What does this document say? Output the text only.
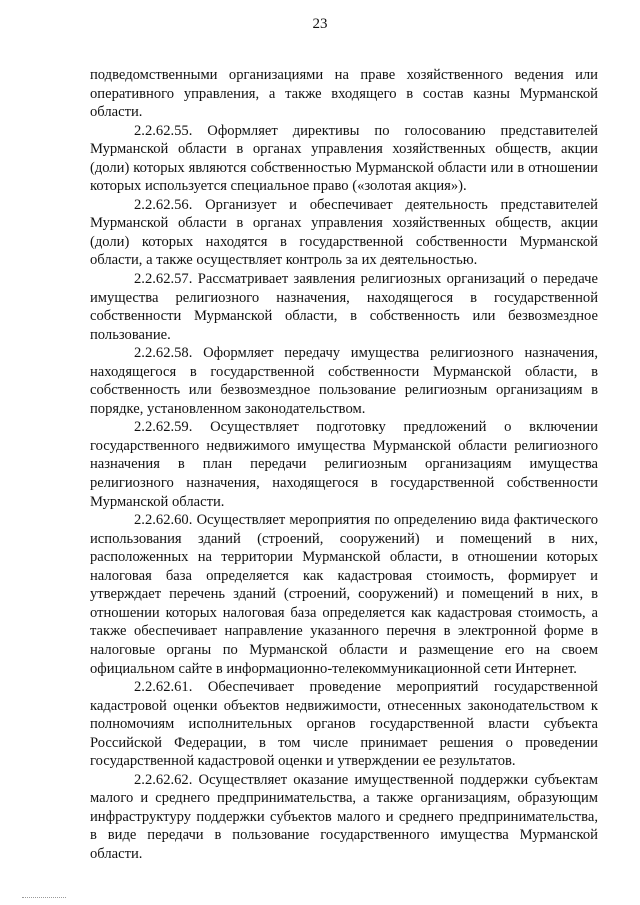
23

подведомственными организациями на праве хозяйственного ведения или оперативного управления, а также входящего в состав казны Мурманской области.

2.2.62.55. Оформляет директивы по голосованию представителей Мурманской области в органах управления хозяйственных обществ, акции (доли) которых являются собственностью Мурманской области или в отношении которых используется специальное право («золотая акция»).

2.2.62.56. Организует и обеспечивает деятельность представителей Мурманской области в органах управления хозяйственных обществ, акции (доли) которых находятся в государственной собственности Мурманской области, а также осуществляет контроль за их деятельностью.

2.2.62.57. Рассматривает заявления религиозных организаций о передаче имущества религиозного назначения, находящегося в государственной собственности Мурманской области, в собственность или безвозмездное пользование.

2.2.62.58. Оформляет передачу имущества религиозного назначения, находящегося в государственной собственности Мурманской области, в собственность или безвозмездное пользование религиозным организациям в порядке, установленном законодательством.

2.2.62.59. Осуществляет подготовку предложений о включении государственного недвижимого имущества Мурманской области религиозного назначения в план передачи религиозным организациям имущества религиозного назначения, находящегося в государственной собственности Мурманской области.

2.2.62.60. Осуществляет мероприятия по определению вида фактического использования зданий (строений, сооружений) и помещений в них, расположенных на территории Мурманской области, в отношении которых налоговая база определяется как кадастровая стоимость, формирует и утверждает перечень зданий (строений, сооружений) и помещений в них, в отношении которых налоговая база определяется как кадастровая стоимость, а также обеспечивает направление указанного перечня в электронной форме в налоговые органы по Мурманской области и размещение его на своем официальном сайте в информационно-телекоммуникационной сети Интернет.

2.2.62.61. Обеспечивает проведение мероприятий государственной кадастровой оценки объектов недвижимости, отнесенных законодательством к полномочиям исполнительных органов государственной власти субъекта Российской Федерации, в том числе принимает решения о проведении государственной кадастровой оценки и утверждении ее результатов.

2.2.62.62. Осуществляет оказание имущественной поддержки субъектам малого и среднего предпринимательства, а также организациям, образующим инфраструктуру поддержки субъектов малого и среднего предпринимательства, в виде передачи в пользование государственного имущества Мурманской области.
